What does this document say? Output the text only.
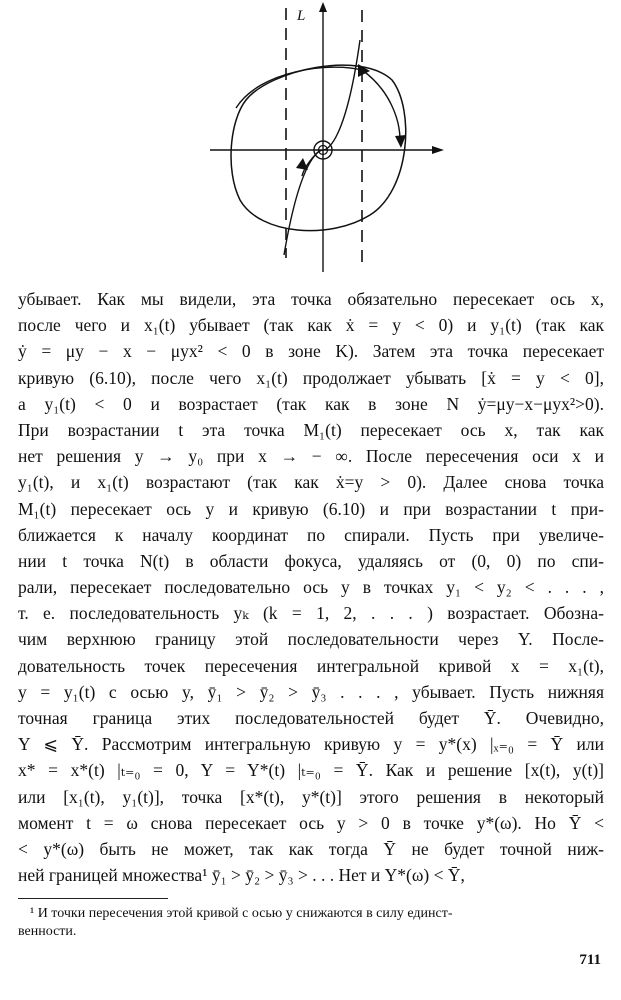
L
убывает. Как мы видели, эта точка обязательно пересекает ось x,
после чего и x₁(t) убывает (так как ẋ = y < 0) и y₁(t) (так как
ẏ = μy − x − μyx² < 0 в зоне K). Затем эта точка пересекает
кривую (6.10), после чего x₁(t) продолжает убывать [ẋ = y < 0],
а y₁(t) < 0 и возрастает (так как в зоне N ẏ=μy−x−μyx²>0).
При возрастании t эта точка M₁(t) пересекает ось x, так как
нет решения y → y₀ при x → − ∞. После пересечения оси x и
y₁(t), и x₁(t) возрастают (так как ẋ=y > 0). Далее снова точка
M₁(t) пересекает ось y и кривую (6.10) и при возрастании t при-
ближается к началу координат по спирали. Пусть при увеличе-
нии t точка N(t) в области фокуса, удаляясь от (0, 0) по спи-
рали, пересекает последовательно ось y в точках y₁ < y₂ < . . . ,
т. е. последовательность yₖ (k = 1, 2, . . . ) возрастает. Обозна-
чим верхнюю границу этой последовательности через Y. После-
довательность точек пересечения интегральной кривой x = x₁(t),
y = y₁(t) с осью y, ȳ₁ > ȳ₂ > ȳ₃ . . . , убывает. Пусть нижняя
точная граница этих последовательностей будет Ȳ. Очевидно,
Y ⩽ Ȳ. Рассмотрим интегральную кривую y = y*(x) |ₓ₌₀ = Ȳ или
x* = x*(t) |ₜ₌₀ = 0, Y = Y*(t) |ₜ₌₀ = Ȳ. Как и решение [x(t), y(t)]
или [x₁(t), y₁(t)], точка [x*(t), y*(t)] этого решения в некоторый
момент t = ω снова пересекает ось y > 0 в точке y*(ω). Но Ȳ <
< y*(ω) быть не может, так как тогда Ȳ не будет точной ниж-
ней границей множества¹ ȳ₁ > ȳ₂ > ȳ₃ > . . . Нет и Y*(ω) < Ȳ,
¹ И точки пересечения этой кривой с осью y снижаются в силу единст-
венности.
711
